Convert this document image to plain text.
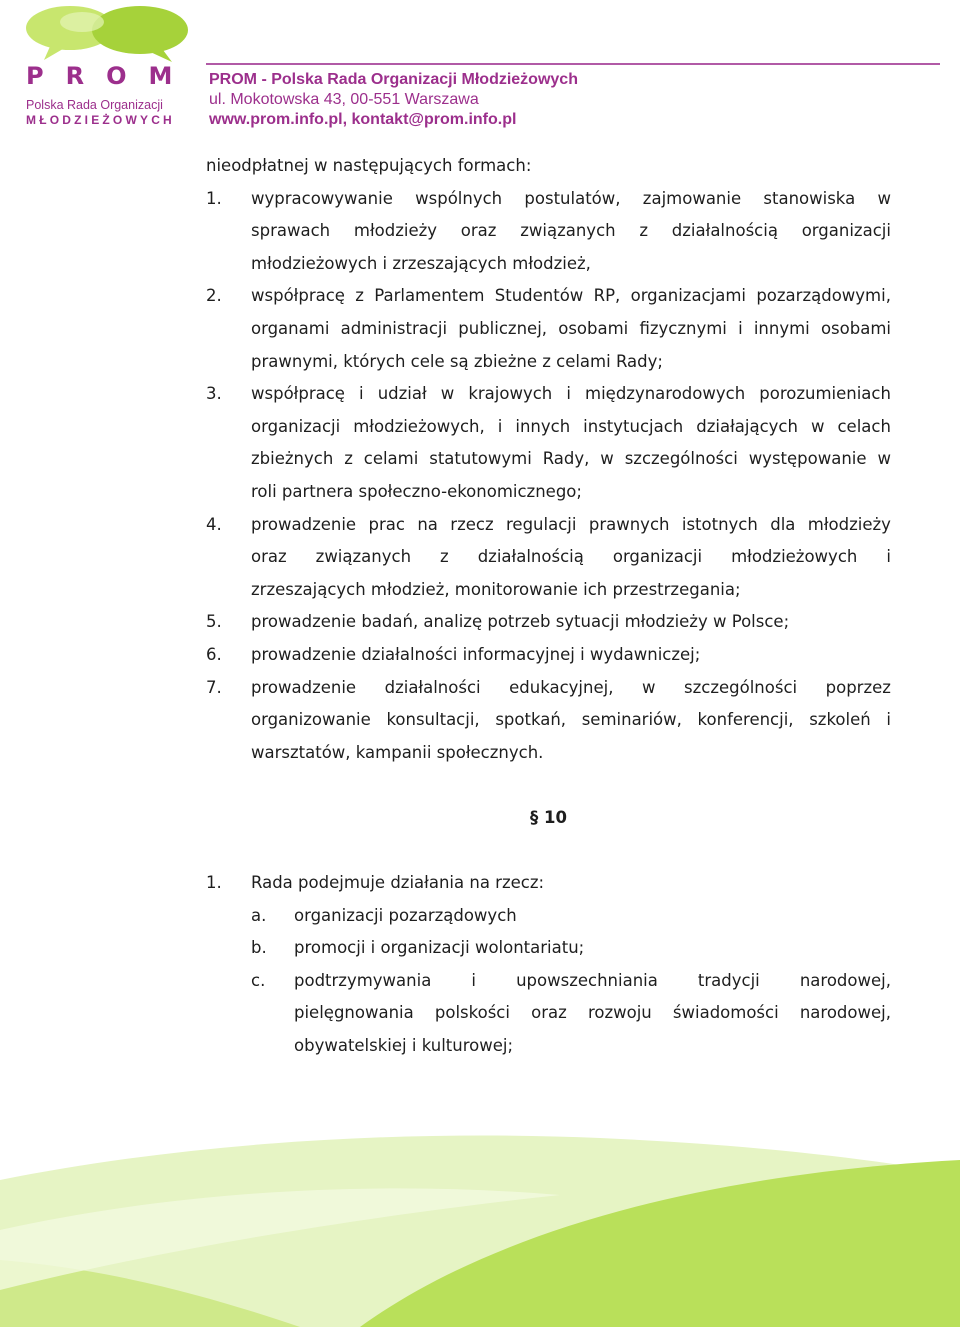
PROM
Polska Rada Organizacji
MŁODZIEŻOWYCH
PROM - Polska Rada Organizacji Młodzieżowych
ul. Mokotowska 43, 00-551 Warszawa
www.prom.info.pl, kontakt@prom.info.pl
nieodpłatnej w następujących formach:
1. wypracowywanie wspólnych postulatów, zajmowanie stanowiska w
sprawach młodzieży oraz związanych z działalnością organizacji
młodzieżowych i zrzeszających młodzież,
2. współpracę z Parlamentem Studentów RP, organizacjami pozarządowymi,
organami administracji publicznej, osobami fizycznymi i innymi osobami
prawnymi, których cele są zbieżne z celami Rady;
3. współpracę i udział w krajowych i międzynarodowych porozumieniach
organizacji młodzieżowych, i innych instytucjach działających w celach
zbieżnych z celami statutowymi Rady, w szczególności występowanie w
roli partnera społeczno-ekonomicznego;
4. prowadzenie prac na rzecz regulacji prawnych istotnych dla młodzieży
oraz związanych z działalnością organizacji młodzieżowych i
zrzeszających młodzież, monitorowanie ich przestrzegania;
5. prowadzenie badań, analizę potrzeb sytuacji młodzieży w Polsce;
6. prowadzenie działalności informacyjnej i wydawniczej;
7. prowadzenie działalności edukacyjnej, w szczególności poprzez
organizowanie konsultacji, spotkań, seminariów, konferencji, szkoleń i
warsztatów, kampanii społecznych.
§ 10
1. Rada podejmuje działania na rzecz:
a. organizacji pozarządowych
b. promocji i organizacji wolontariatu;
c. podtrzymywania i upowszechniania tradycji narodowej,
pielęgnowania polskości oraz rozwoju świadomości narodowej,
obywatelskiej i kulturowej;
